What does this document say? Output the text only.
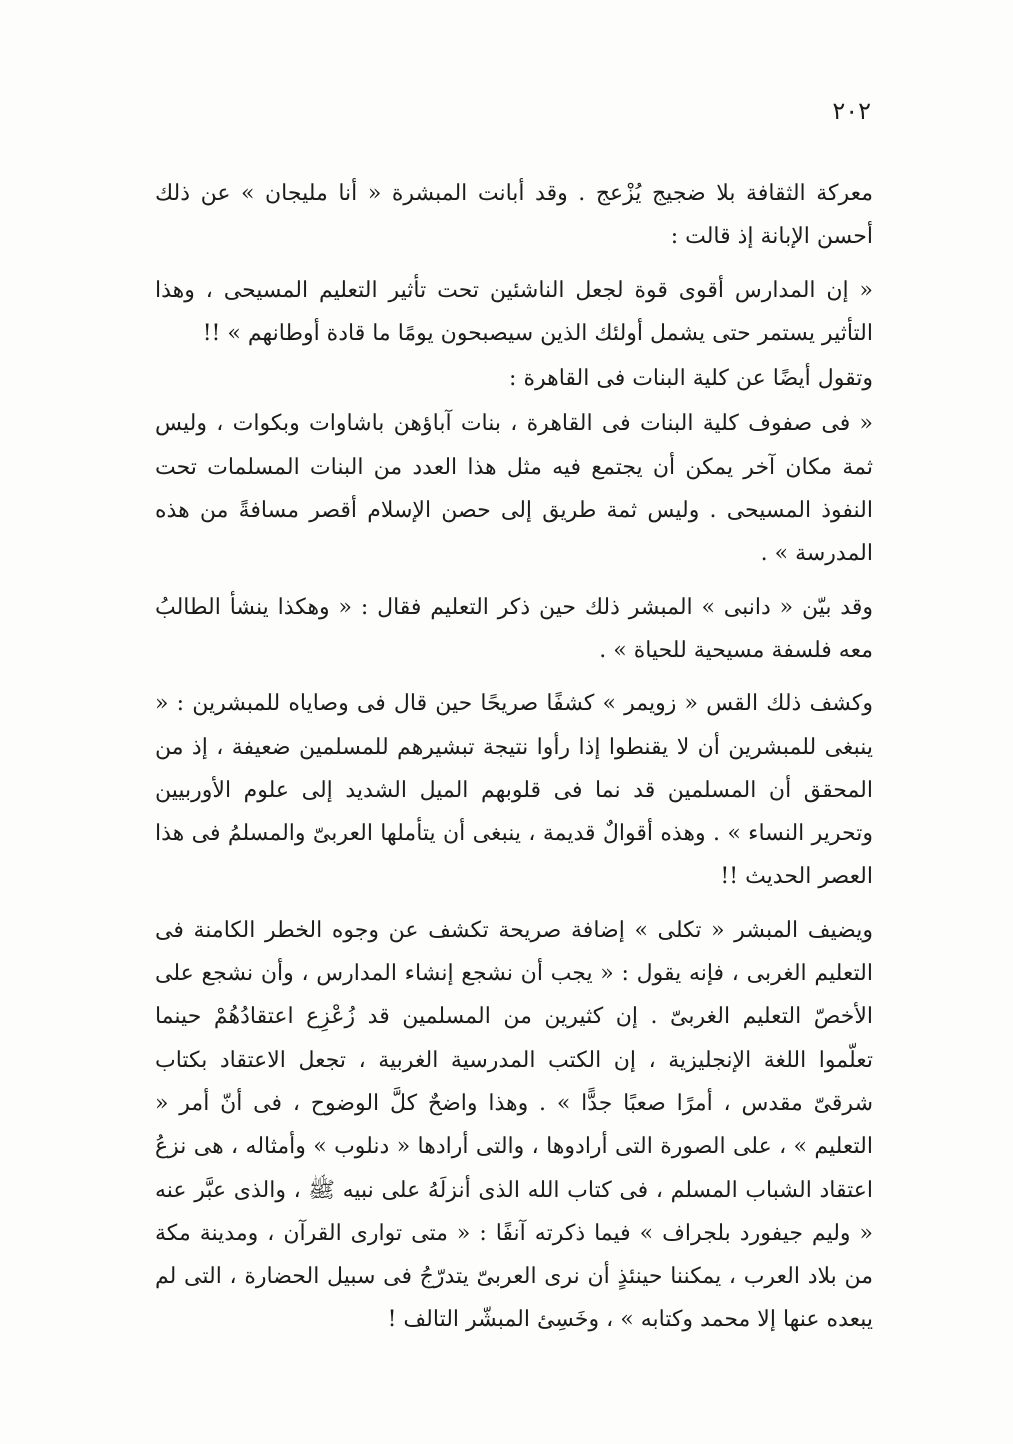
٢٠٢

معركة الثقافة بلا ضجيج يُزْعج . وقد أبانت المبشرة « أنا مليجان » عن ذلك أحسن الإبانة إذ قالت :

« إن المدارس أقوى قوة لجعل الناشئين تحت تأثير التعليم المسيحى ، وهذا التأثير يستمر حتى يشمل أولئك الذين سيصبحون يومًا ما قادة أوطانهم » !!

وتقول أيضًا عن كلية البنات فى القاهرة :

« فى صفوف كلية البنات فى القاهرة ، بنات آباؤهن باشاوات وبكوات ، وليس ثمة مكان آخر يمكن أن يجتمع فيه مثل هذا العدد من البنات المسلمات تحت النفوذ المسيحى . وليس ثمة طريق إلى حصن الإسلام أقصر مسافةً من هذه المدرسة » .

وقد بيّن « دانبى » المبشر ذلك حين ذكر التعليم فقال : « وهكذا ينشأ الطالبُ معه فلسفة مسيحية للحياة » .

وكشف ذلك القس « زويمر » كشفًا صريحًا حين قال فى وصاياه للمبشرين : « ينبغى للمبشرين أن لا يقنطوا إذا رأوا نتيجة تبشيرهم للمسلمين ضعيفة ، إذ من المحقق أن المسلمين قد نما فى قلوبهم الميل الشديد إلى علوم الأوربيين وتحرير النساء » . وهذه أقوالٌ قديمة ، ينبغى أن يتأملها العربىّ والمسلمُ فى هذا العصر الحديث !!

ويضيف المبشر « تكلى » إضافة صريحة تكشف عن وجوه الخطر الكامنة فى التعليم الغربى ، فإنه يقول : « يجب أن نشجع إنشاء المدارس ، وأن نشجع على الأخصّ التعليم الغربىّ . إن كثيرين من المسلمين قد زُعْزِع اعتقادُهُمْ حينما تعلّموا اللغة الإنجليزية ، إن الكتب المدرسية الغربية ، تجعل الاعتقاد بكتاب شرقىّ مقدس ، أمرًا صعبًا جدًّا » . وهذا واضحٌ كلَّ الوضوح ، فى أنّ أمر « التعليم » ، على الصورة التى أرادوها ، والتى أرادها « دنلوب » وأمثاله ، هى نزعُ اعتقاد الشباب المسلم ، فى كتاب الله الذى أنزلَهُ على نبيه ﷺ ، والذى عبَّر عنه « وليم جيفورد بلجراف » فيما ذكرته آنفًا : « متى توارى القرآن ، ومدينة مكة من بلاد العرب ، يمكننا حينئذٍ أن نرى العربىّ يتدرّجُ فى سبيل الحضارة ، التى لم يبعده عنها إلا محمد وكتابه » ، وخَسِئ المبشّر التالف !
